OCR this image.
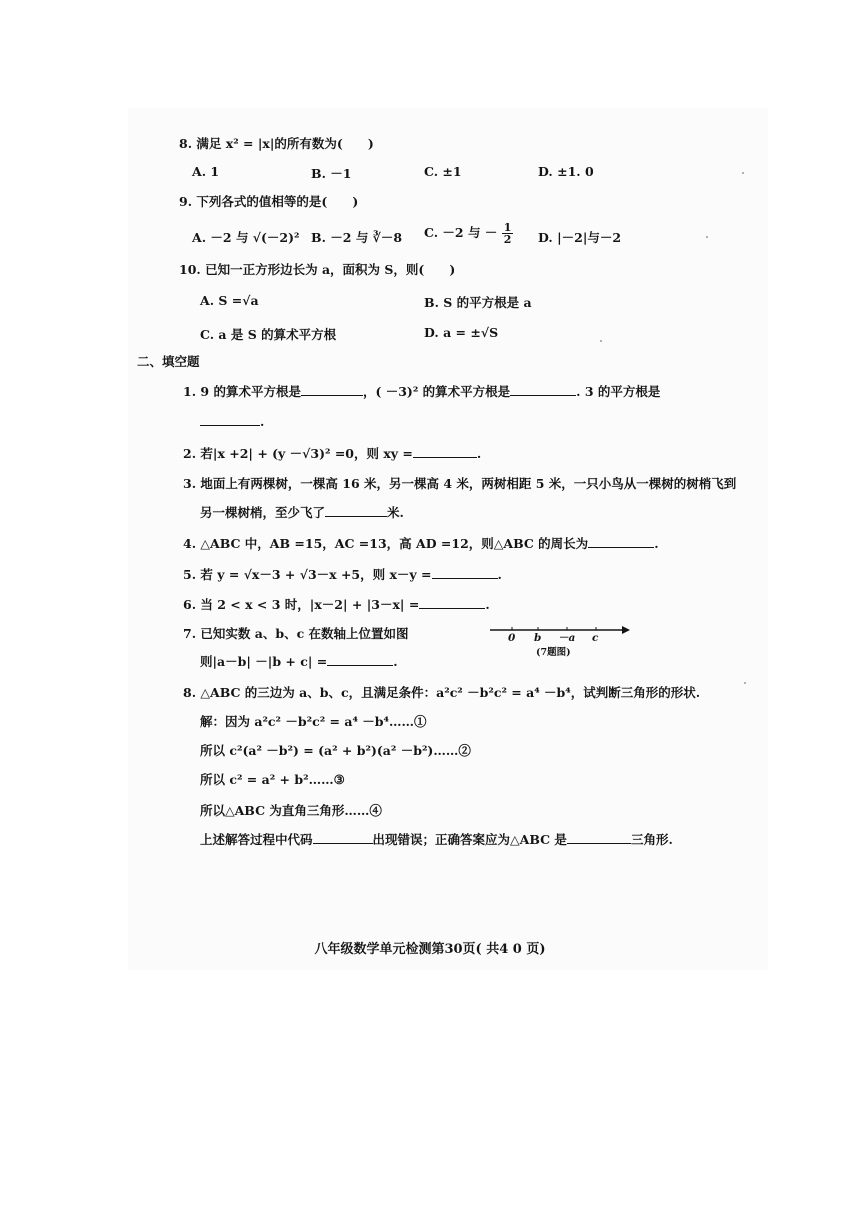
8. 满足 x² = |x|的所有数为(　　)
A. 1	B. －1	C. ±1	D. ±1. 0
9. 下列各式的值相等的是(　　)
A. －2 与 √(－2)² B. －2 与 ∛－8 C. －2 与 － $\frac{1}{2} D$. |－2|与－2
10. 已知一正方形边长为 a，面积为 S，则(　　)
A. S =√a	B. S 的平方根是 a
C. a 是 S 的算术平方根	D. a = ±√S
二、填空题
1. 9 的算术平方根是	，( －3)² 的算术平方根是	. 3 的平方根是
.
2. 若|x +2| + (y －√3)² =0，则 xy =	.
3. 地面上有两棵树，一棵高 16 米，另一棵高 4 米，两树相距 5 米，一只小鸟从一棵树的树梢飞到
另一棵树梢，至少飞了	米.
4. △ABC 中，AB =15，AC =13，高 AD =12，则△ABC 的周长为	.
5. 若 y = √x－3 + √3－x +5，则 x－y =	.
6. 当 2 < x < 3 时，|x－2| + |3－x| =	.
7. 已知实数 a、b、c 在数轴上位置如图
则|a－b| －|b + c| =	.
0 b －a c
(7题图)
8. △ABC 的三边为 a、b、c，且满足条件：a²c² －b²c² = a⁴ －b⁴，试判断三角形的形状.
解：因为 a²c² －b²c² = a⁴ －b⁴……①
所以 c²(a² －b²) = (a² + b²)(a² －b²)……②
所以 c² = a² + b²……③
所以△ABC 为直角三角形……④
上述解答过程中代码	出现错误；正确答案应为△ABC 是	三角形.
八年级数学单元检测第30页( 共4 0 页)
